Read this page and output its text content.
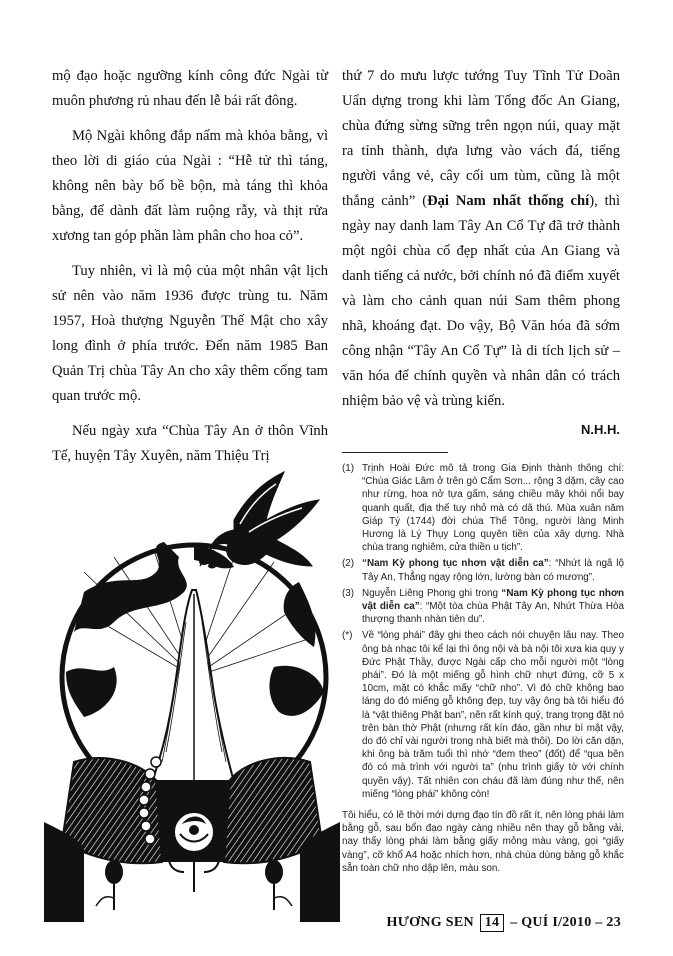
mộ đạo hoặc ngưỡng kính công đức Ngài từ muôn phương rủ nhau đến lễ bái rất đông.

Mộ Ngài không đắp nấm mà khỏa bằng, vì theo lời di giáo của Ngài : “Hễ tử thì táng, không nên bày bố bề bộn, mà táng thì khỏa bằng, để dành đất làm ruộng rẫy, và thịt rửa xương tan góp phần làm phân cho hoa cỏ”.

Tuy nhiên, vì là mộ của một nhân vật lịch sử nên vào năm 1936 được trùng tu. Năm 1957, Hoà thượng Nguyễn Thế Mật cho xây long đình ở phía trước. Đến năm 1985 Ban Quản Trị chùa Tây An cho xây thêm cổng tam quan trước mộ.

Nếu ngày xưa “Chùa Tây An ở thôn Vĩnh Tế, huyện Tây Xuyên, năm Thiệu Trị

thứ 7 do mưu lược tướng Tuy Tĩnh Tử Doãn Uẩn dựng trong khi làm Tổng đốc An Giang, chùa đứng sừng sững trên ngọn núi, quay mặt ra tỉnh thành, dựa lưng vào vách đá, tiếng người vắng vẻ, cây cối um tùm, cũng là một thắng cảnh” (Đại Nam nhất thống chí), thì ngày nay danh lam Tây An Cổ Tự đã trở thành một ngôi chùa cổ đẹp nhất của An Giang và danh tiếng cả nước, bởi chính nó đã điểm xuyết và làm cho cảnh quan núi Sam thêm phong nhã, khoáng đạt. Do vậy, Bộ Văn hóa đã sớm công nhận “Tây An Cổ Tự” là di tích lịch sử – văn hóa để chính quyền và nhân dân có trách nhiệm bảo vệ và trùng kiến.

N.H.H.
(1) Trịnh Hoài Đức mô tả trong Gia Định thành thông chí: “Chùa Giác Lâm ở trên gò Cẩm Sơn... rộng 3 dặm, cây cao như rừng, hoa nở tựa gấm, sáng chiều mây khói nổi bay quanh quất, địa thế tuy nhỏ mà có dã thú. Mùa xuân năm Giáp Tý (1744) đời chúa Thế Tông, người làng Minh Hương là Lý Thụy Long quyên tiền của xây dựng. Nhà chùa trang nghiêm, cửa thiền u tịch”.
(2) “Nam Kỳ phong tục nhơn vật diễn ca”: “Nhứt là ngã lộ Tây An, Thẳng ngay rộng lớn, lường bàn có mương”.
(3) Nguyễn Liêng Phong ghi trong “Nam Kỳ phong tục nhơn vật diễn ca”: “Một tòa chùa Phật Tây An, Nhứt Thừa Hòa thượng thanh nhàn tiên du”.
(*) Về “lòng phái” đây ghi theo cách nói chuyện lâu nay. Theo ông bà nhạc tôi kể lại thì ông nội và bà nội tôi xưa kia quy y Đức Phật Thầy, được Ngài cấp cho mỗi người một “lòng phái”. Đó là một miếng gỗ hình chữ nhựt đứng, cỡ 5 x 10cm, mặt có khắc mấy “chữ nho”. Vì đó chữ không bao láng do đó miếng gỗ không đẹp, tuy vậy ông bà tôi hiểu đó là “vật thiêng Phật ban”, nên rất kính quý, trang trọng đặt nó trên bàn thờ Phật (nhưng rất kín đáo, gần như bí mật vậy, do đó chỉ vài người trong nhà biết mà thôi). Do lời căn dặn, khi ông bà trăm tuổi thì nhớ “đem theo” (đốt) để “qua bên đó có mà trình với người ta” (nhu trình giấy tờ với chính quyền vậy). Tất nhiên con cháu đã làm đúng như thế, nên miếng “lòng phái” không còn!
Tôi hiểu, có lẽ thời mới dựng đạo tín đồ rất ít, nên lòng phái làm bằng gỗ, sau bổn đạo ngày càng nhiều nên thay gỗ bằng vải, nay thấy lòng phái làm bằng giấy mỏng màu vàng, gọi “giấy vàng”, cỡ khổ A4 hoặc nhích hơn, nhà chùa dùng bảng gỗ khắc sẵn toàn chữ nho dập lên, màu son.
HƯƠNG SEN 14 – QUÍ I/2010 – 23
